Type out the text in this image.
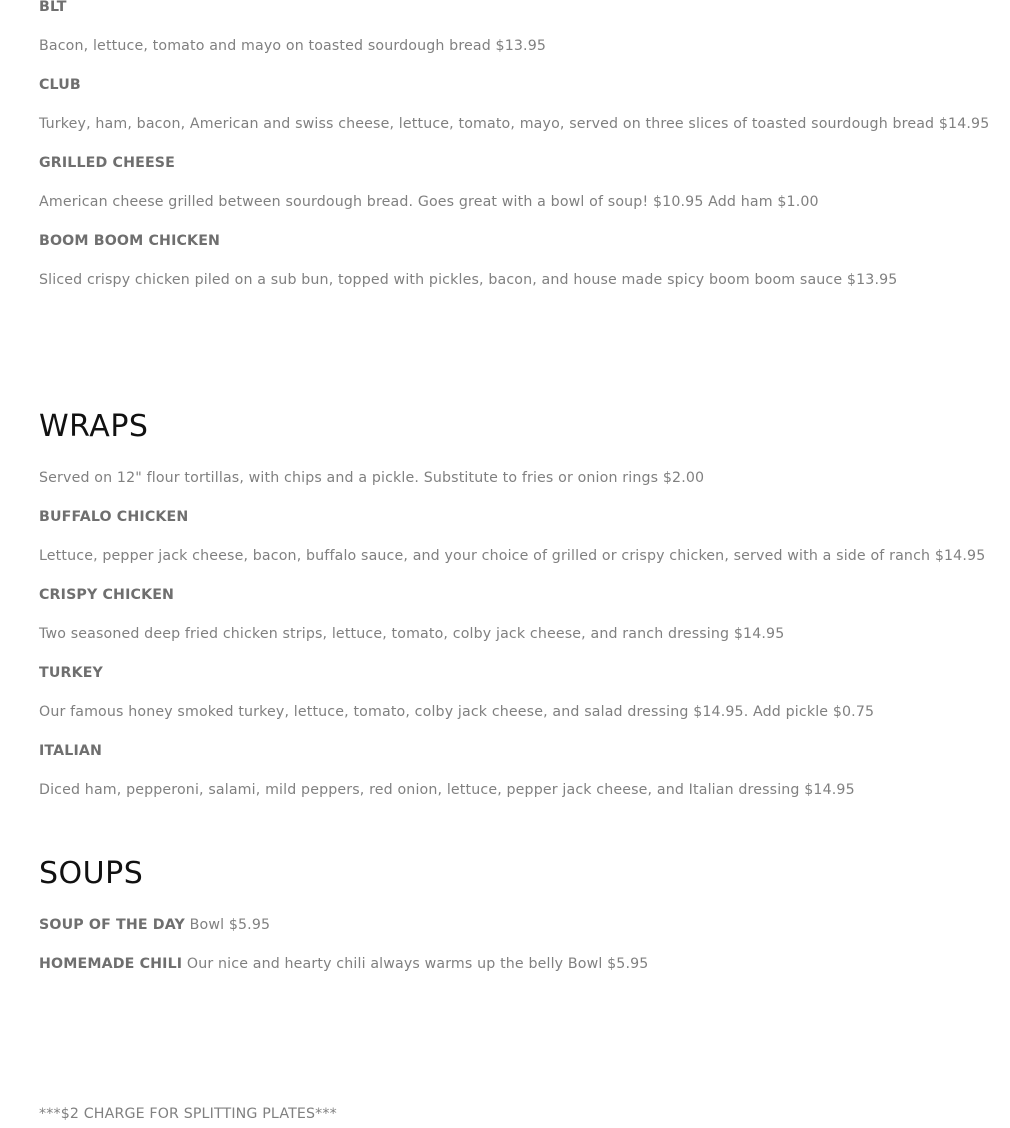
BLT
Bacon, lettuce, tomato and mayo on toasted sourdough bread $13.95
CLUB
Turkey, ham, bacon, American and swiss cheese, lettuce, tomato, mayo, served on three slices of toasted sourdough bread $14.95
GRILLED CHEESE
American cheese grilled between sourdough bread. Goes great with a bowl of soup! $10.95 Add ham $1.00
BOOM BOOM CHICKEN
Sliced crispy chicken piled on a sub bun, topped with pickles, bacon, and house made spicy boom boom sauce $13.95
WRAPS
Served on 12" flour tortillas, with chips and a pickle. Substitute to fries or onion rings $2.00
BUFFALO CHICKEN
Lettuce, pepper jack cheese, bacon, buffalo sauce, and your choice of grilled or crispy chicken, served with a side of ranch $14.95
CRISPY CHICKEN
Two seasoned deep fried chicken strips, lettuce, tomato, colby jack cheese, and ranch dressing $14.95
TURKEY
Our famous honey smoked turkey, lettuce, tomato, colby jack cheese, and salad dressing $14.95. Add pickle $0.75
ITALIAN
Diced ham, pepperoni, salami, mild peppers, red onion, lettuce, pepper jack cheese, and Italian dressing $14.95
SOUPS
SOUP OF THE DAY Bowl $5.95
HOMEMADE CHILI Our nice and hearty chili always warms up the belly Bowl $5.95
***$2 CHARGE FOR SPLITTING PLATES***
